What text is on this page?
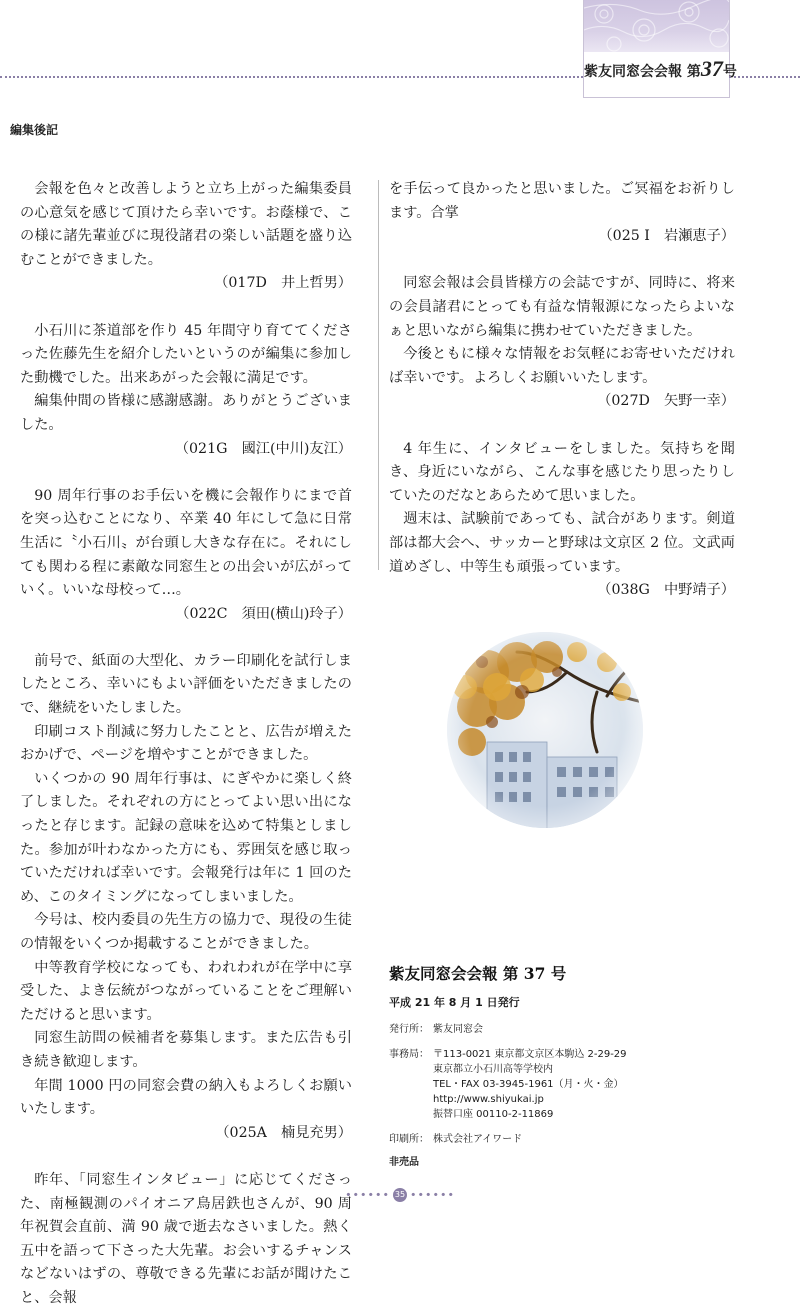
紫友同窓会会報 第37号
編集後記

会報を色々と改善しようと立ち上がった編集委員の心意気を感じて頂けたら幸いです。お蔭様で、この様に諸先輩並びに現役諸君の楽しい話題を盛り込むことができました。

（017D　井上哲男）

小石川に茶道部を作り 45 年間守り育ててくださった佐藤先生を紹介したいというのが編集に参加した動機でした。出来あがった会報に満足です。

編集仲間の皆様に感謝感謝。ありがとうございました。

（021G　國江(中川)友江）

90 周年行事のお手伝いを機に会報作りにまで首を突っ込むことになり、卒業 40 年にして急に日常生活に〝小石川〟が台頭し大きな存在に。それにしても関わる程に素敵な同窓生との出会いが広がっていく。いいな母校って…。

（022C　須田(横山)玲子）

前号で、紙面の大型化、カラー印刷化を試行しましたところ、幸いにもよい評価をいただきましたので、継続をいたしました。

印刷コスト削減に努力したことと、広告が増えたおかげで、ページを増やすことができました。

いくつかの 90 周年行事は、にぎやかに楽しく終了しました。それぞれの方にとってよい思い出になったと存じます。記録の意味を込めて特集としました。参加が叶わなかった方にも、雰囲気を感じ取っていただければ幸いです。会報発行は年に 1 回のため、このタイミングになってしまいました。

今号は、校内委員の先生方の協力で、現役の生徒の情報をいくつか掲載することができました。

中等教育学校になっても、われわれが在学中に享受した、よき伝統がつながっていることをご理解いただけると思います。

同窓生訪問の候補者を募集します。また広告も引き続き歓迎します。

年間 1000 円の同窓会費の納入もよろしくお願いいたします。

（025A　楠見充男）

昨年、「同窓生インタビュー」に応じてくださった、南極観測のパイオニア鳥居鉄也さんが、90 周年祝賀会直前、満 90 歳で逝去なさいました。熱く五中を語って下さった大先輩。お会いするチャンスなどないはずの、尊敬できる先輩にお話が聞けたこと、会報

を手伝って良かったと思いました。ご冥福をお祈りします。合掌

（025 I　岩瀬恵子）

同窓会報は会員皆様方の会誌ですが、同時に、将来の会員諸君にとっても有益な情報源になったらよいなぁと思いながら編集に携わせていただきました。

今後ともに様々な情報をお気軽にお寄せいただければ幸いです。よろしくお願いいたします。

（027D　矢野一幸）

4 年生に、インタビューをしました。気持ちを聞き、身近にいながら、こんな事を感じたり思ったりしていたのだなとあらためて思いました。

週末は、試験前であっても、試合があります。剣道部は都大会へ、サッカーと野球は文京区 2 位。文武両道めざし、中等生も頑張っています。

（038G　中野靖子）

紫友同窓会会報 第 37 号

平成 21 年 8 月 1 日発行

発行所： 紫友同窓会
事務局： 〒113-0021 東京都文京区本駒込 2-29-29
東京都立小石川高等学校内
TEL・FAX 03-3945-1961（月・火・金）
http://www.shiyukai.jp
振替口座 00110-2-11869
印刷所： 株式会社アイワード
非売品
•••••• 35 ••••••
